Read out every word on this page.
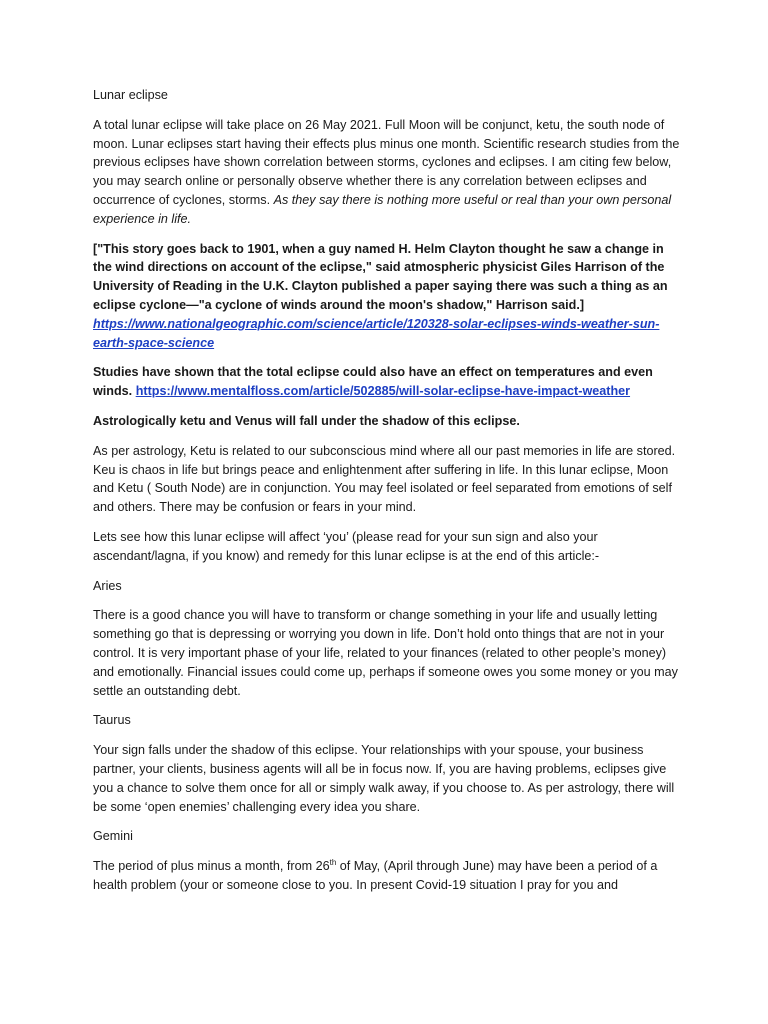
Lunar eclipse

A total lunar eclipse will take place on 26 May 2021. Full Moon will be conjunct, ketu, the south node of moon. Lunar eclipses start having their effects plus minus one month. Scientific research studies from the previous eclipses have shown correlation between storms, cyclones and eclipses. I am citing few below, you may search online or personally observe whether there is any correlation between eclipses and occurrence of cyclones, storms. As they say there is nothing more useful or real than your own personal experience in life.

["This story goes back to 1901, when a guy named H. Helm Clayton thought he saw a change in the wind directions on account of the eclipse," said atmospheric physicist Giles Harrison of the University of Reading in the U.K. Clayton published a paper saying there was such a thing as an eclipse cyclone—"a cyclone of winds around the moon's shadow," Harrison said.]
https://www.nationalgeographic.com/science/article/120328-solar-eclipses-winds-weather-sun-earth-space-science

Studies have shown that the total eclipse could also have an effect on temperatures and even winds. https://www.mentalfloss.com/article/502885/will-solar-eclipse-have-impact-weather

Astrologically ketu and Venus will fall under the shadow of this eclipse.

As per astrology, Ketu is related to our subconscious mind where all our past memories in life are stored. Keu is chaos in life but brings peace and enlightenment after suffering in life. In this lunar eclipse, Moon and Ketu ( South Node) are in conjunction. You may feel isolated or feel separated from emotions of self and others. There may be confusion or fears in your mind.

Lets see how this lunar eclipse will affect ‘you’ (please read for your sun sign and also your ascendant/lagna, if you know) and remedy for this lunar eclipse is at the end of this article:-

Aries

There is a good chance you will have to transform or change something in your life and usually letting something go that is depressing or worrying you down in life. Don’t hold onto things that are not in your control. It is very important phase of your life, related to your finances (related to other people’s money) and emotionally. Financial issues could come up, perhaps if someone owes you some money or you may settle an outstanding debt.

Taurus

Your sign falls under the shadow of this eclipse. Your relationships with your spouse, your business partner, your clients, business agents will all be in focus now. If, you are having problems, eclipses give you a chance to solve them once for all or simply walk away, if you choose to. As per astrology, there will be some ‘open enemies’ challenging every idea you share.

Gemini

The period of plus minus a month, from 26th of May, (April through June) may have been a period of a health problem (your or someone close to you. In present Covid-19 situation I pray for you and
